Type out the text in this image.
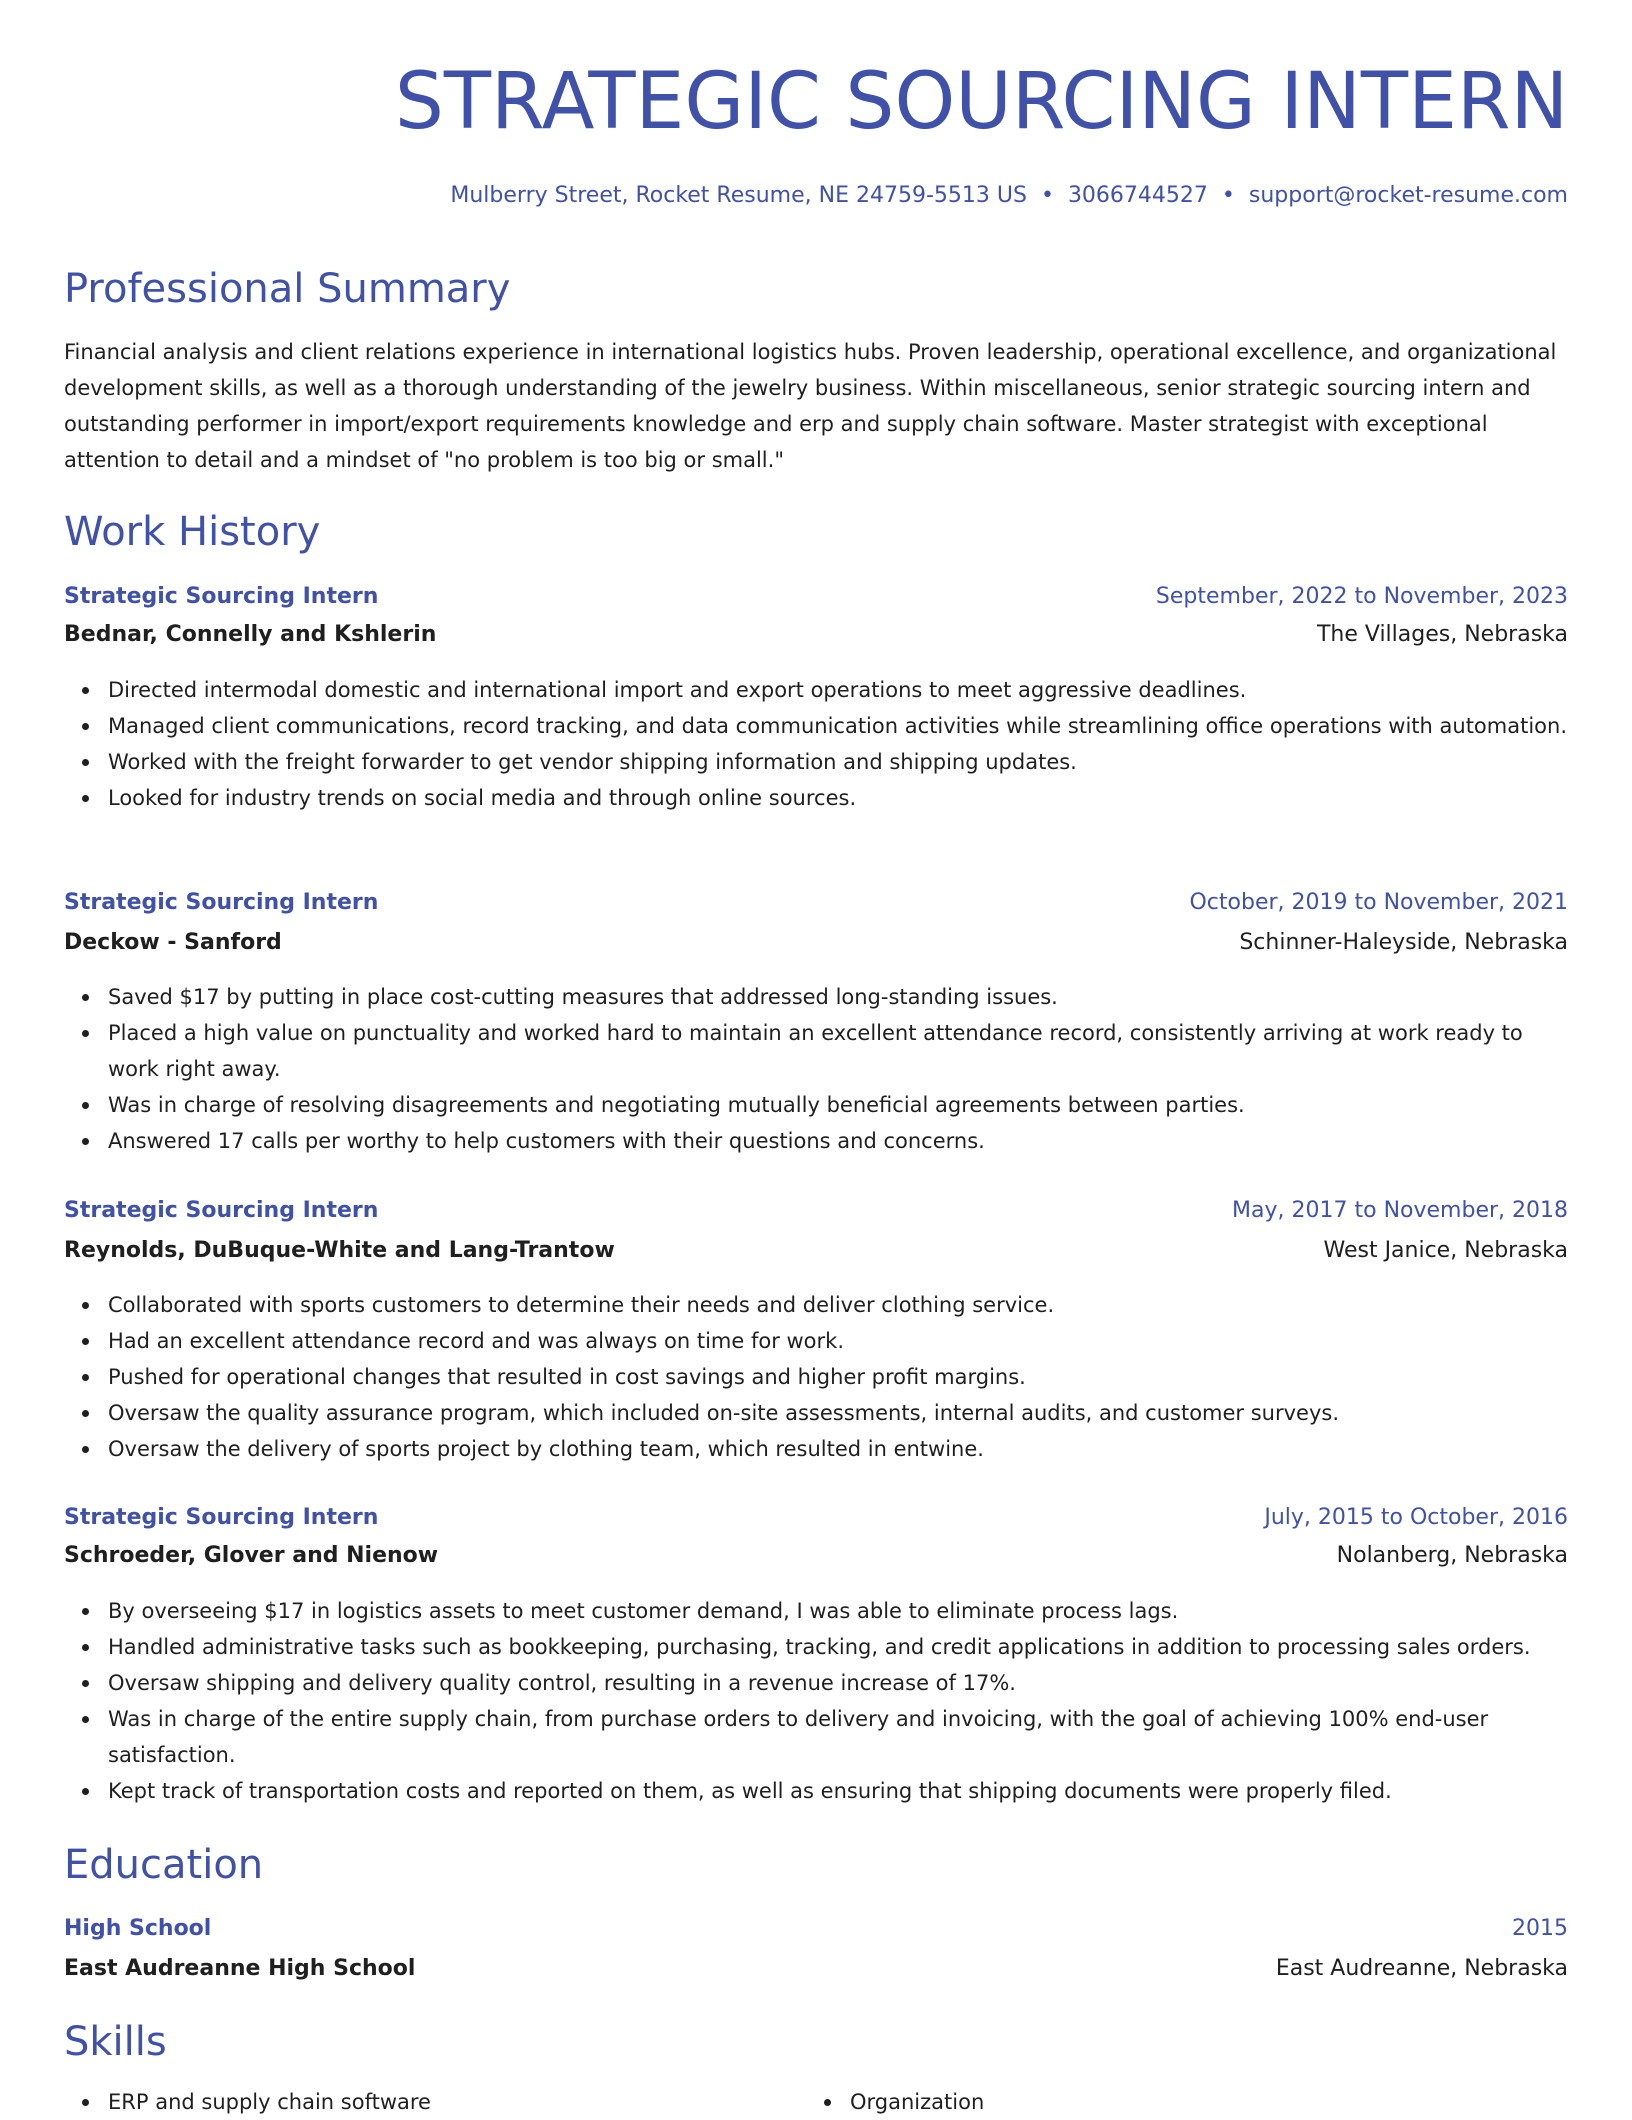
STRATEGIC SOURCING INTERN
Mulberry Street, Rocket Resume, NE 24759-5513 US • 3066744527 • support@rocket-resume.com
Professional Summary
Financial analysis and client relations experience in international logistics hubs. Proven leadership, operational excellence, and organizational development skills, as well as a thorough understanding of the jewelry business. Within miscellaneous, senior strategic sourcing intern and outstanding performer in import/export requirements knowledge and erp and supply chain software. Master strategist with exceptional attention to detail and a mindset of "no problem is too big or small."
Work History
Strategic Sourcing Intern	September, 2022 to November, 2023
Bednar, Connelly and Kshlerin	The Villages, Nebraska
Directed intermodal domestic and international import and export operations to meet aggressive deadlines.
Managed client communications, record tracking, and data communication activities while streamlining office operations with automation.
Worked with the freight forwarder to get vendor shipping information and shipping updates.
Looked for industry trends on social media and through online sources.
Strategic Sourcing Intern	October, 2019 to November, 2021
Deckow - Sanford	Schinner-Haleyside, Nebraska
Saved $17 by putting in place cost-cutting measures that addressed long-standing issues.
Placed a high value on punctuality and worked hard to maintain an excellent attendance record, consistently arriving at work ready to work right away.
Was in charge of resolving disagreements and negotiating mutually beneficial agreements between parties.
Answered 17 calls per worthy to help customers with their questions and concerns.
Strategic Sourcing Intern	May, 2017 to November, 2018
Reynolds, DuBuque-White and Lang-Trantow	West Janice, Nebraska
Collaborated with sports customers to determine their needs and deliver clothing service.
Had an excellent attendance record and was always on time for work.
Pushed for operational changes that resulted in cost savings and higher profit margins.
Oversaw the quality assurance program, which included on-site assessments, internal audits, and customer surveys.
Oversaw the delivery of sports project by clothing team, which resulted in entwine.
Strategic Sourcing Intern	July, 2015 to October, 2016
Schroeder, Glover and Nienow	Nolanberg, Nebraska
By overseeing $17 in logistics assets to meet customer demand, I was able to eliminate process lags.
Handled administrative tasks such as bookkeeping, purchasing, tracking, and credit applications in addition to processing sales orders.
Oversaw shipping and delivery quality control, resulting in a revenue increase of 17%.
Was in charge of the entire supply chain, from purchase orders to delivery and invoicing, with the goal of achieving 100% end-user satisfaction.
Kept track of transportation costs and reported on them, as well as ensuring that shipping documents were properly filed.
Education
High School	2015
East Audreanne High School	East Audreanne, Nebraska
Skills
ERP and supply chain software	Organization
